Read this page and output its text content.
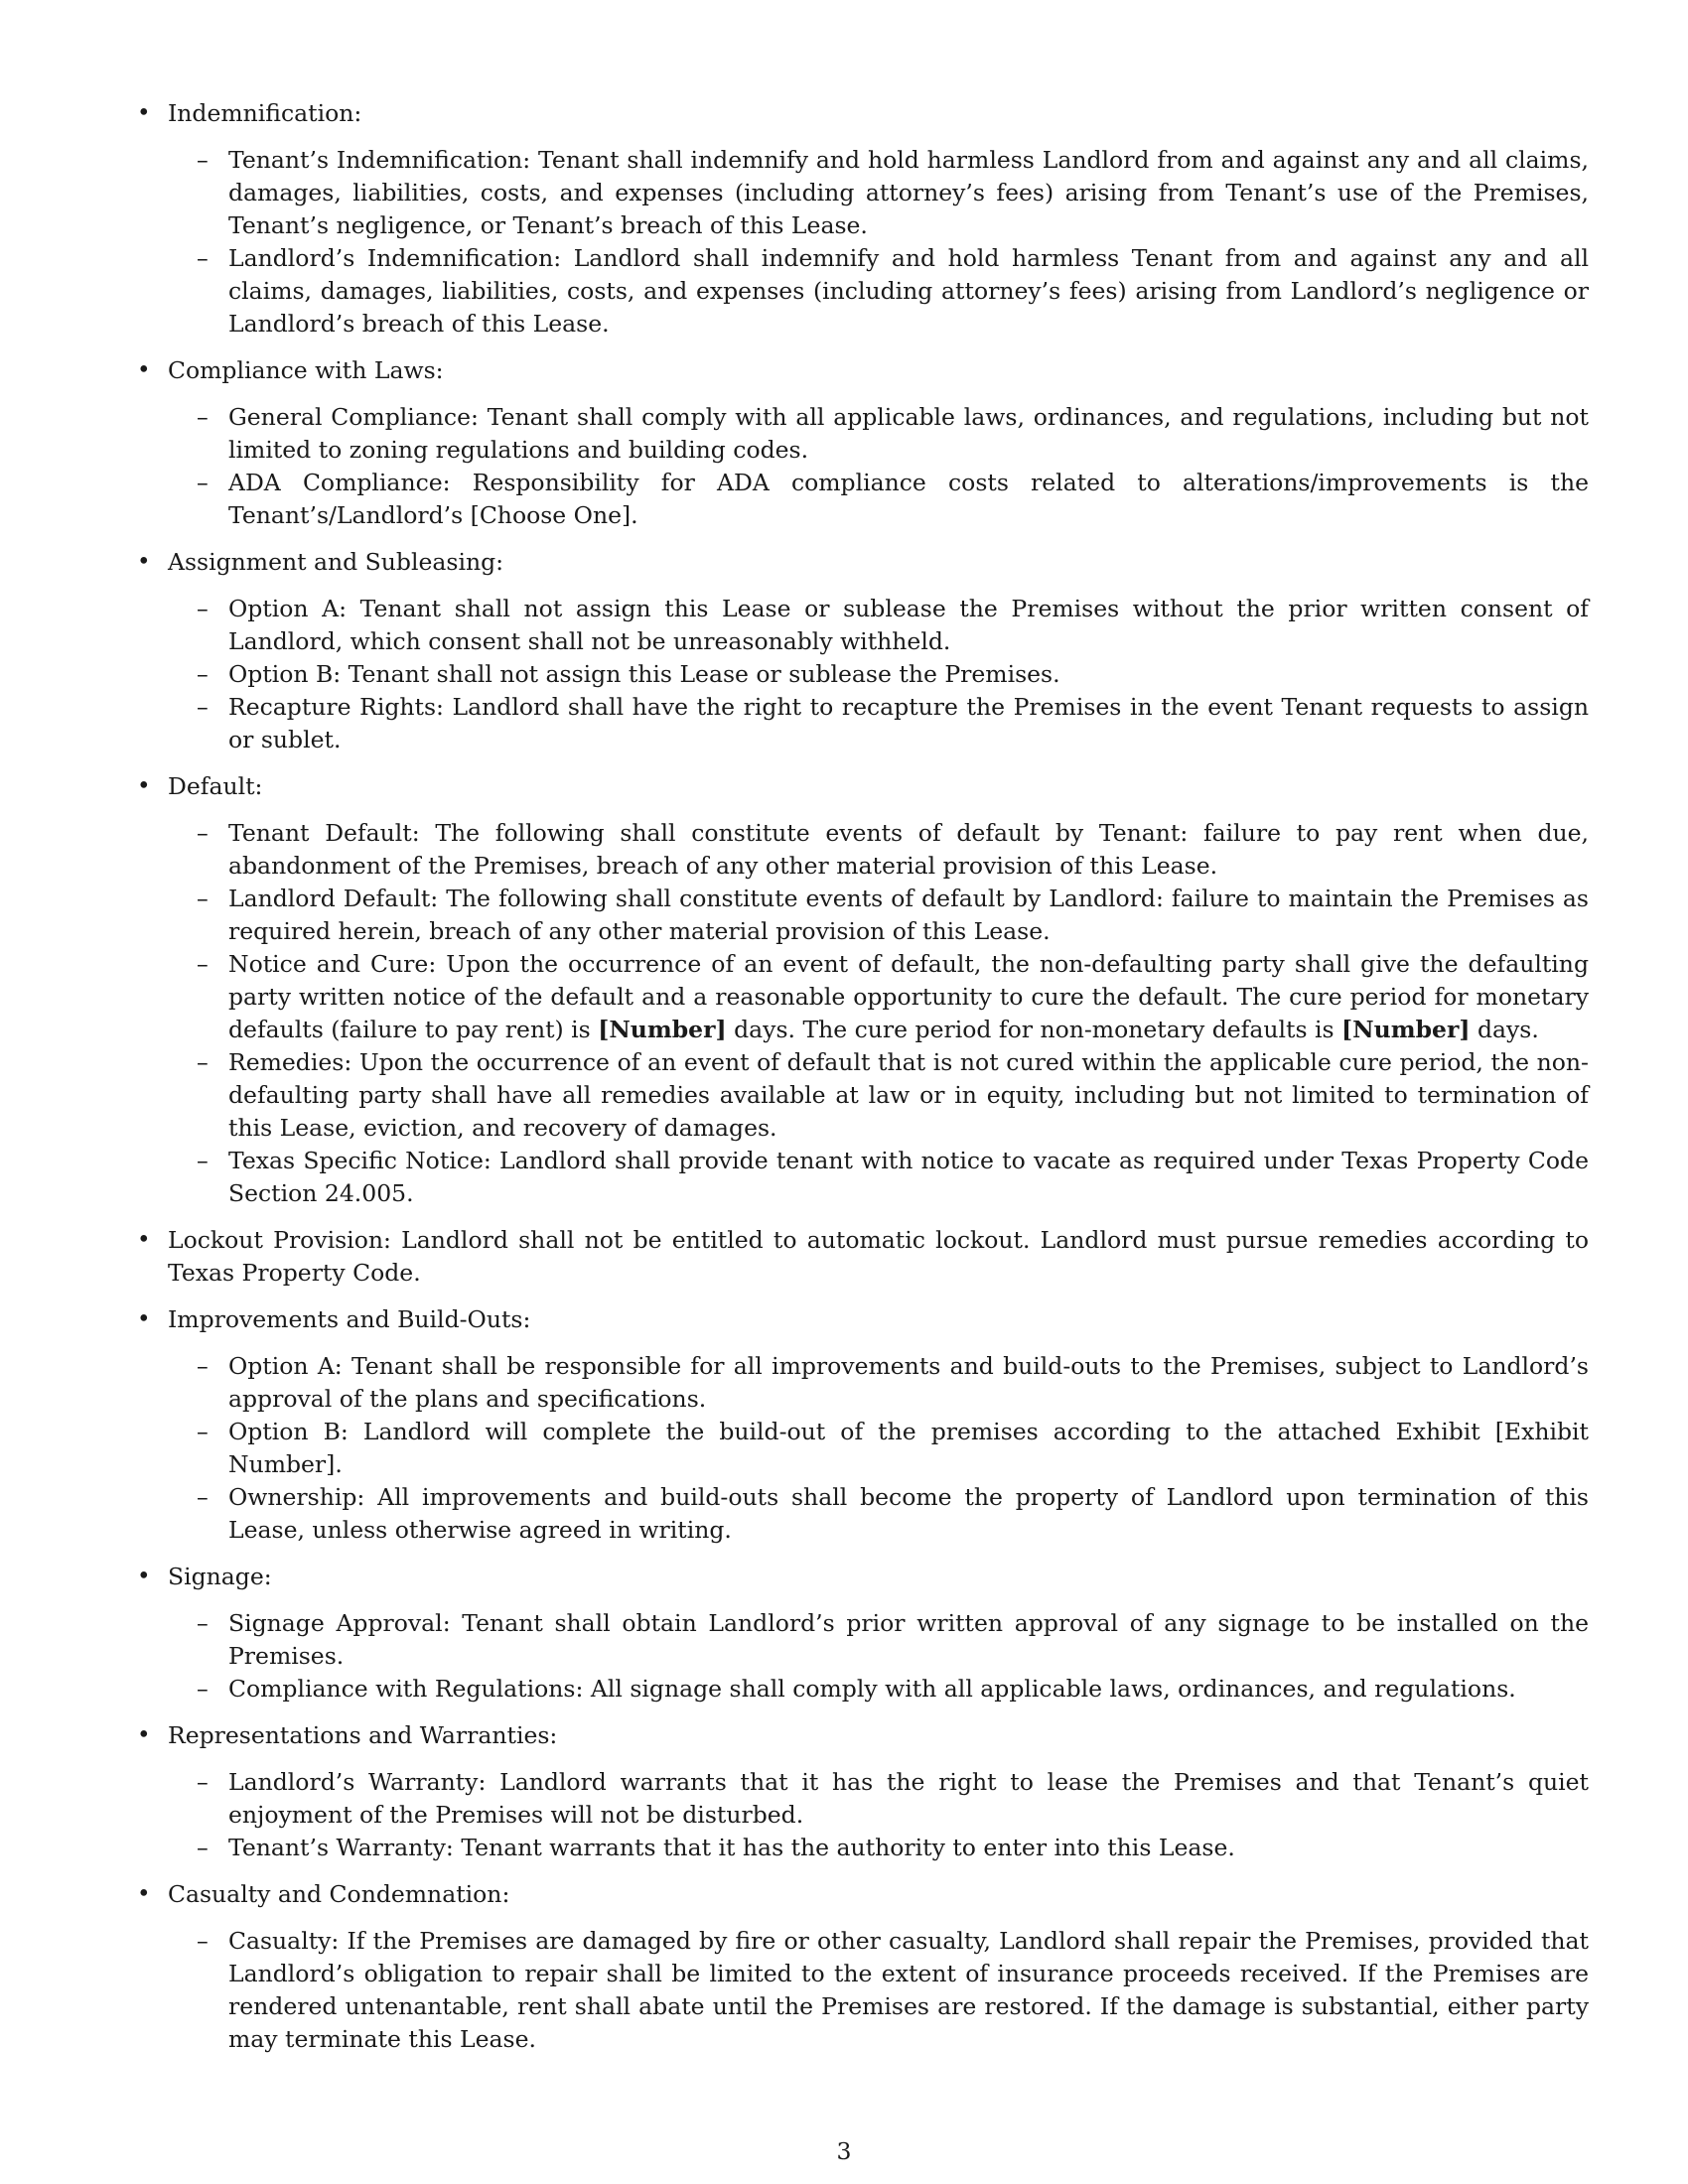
• Indemnification:
– Tenant’s Indemnification: Tenant shall indemnify and hold harmless Landlord from and against any and all claims, damages, liabilities, costs, and expenses (including attorney’s fees) arising from Tenant’s use of the Premises, Tenant’s negligence, or Tenant’s breach of this Lease.
– Landlord’s Indemnification: Landlord shall indemnify and hold harmless Tenant from and against any and all claims, damages, liabilities, costs, and expenses (including attorney’s fees) arising from Landlord’s negligence or Landlord’s breach of this Lease.
• Compliance with Laws:
– General Compliance: Tenant shall comply with all applicable laws, ordinances, and regulations, including but not limited to zoning regulations and building codes.
– ADA Compliance: Responsibility for ADA compliance costs related to alterations/improvements is the Tenant’s/Landlord’s [Choose One].
• Assignment and Subleasing:
– Option A: Tenant shall not assign this Lease or sublease the Premises without the prior written consent of Landlord, which consent shall not be unreasonably withheld.
– Option B: Tenant shall not assign this Lease or sublease the Premises.
– Recapture Rights: Landlord shall have the right to recapture the Premises in the event Tenant requests to assign or sublet.
• Default:
– Tenant Default: The following shall constitute events of default by Tenant: failure to pay rent when due, abandonment of the Premises, breach of any other material provision of this Lease.
– Landlord Default: The following shall constitute events of default by Landlord: failure to maintain the Premises as required herein, breach of any other material provision of this Lease.
– Notice and Cure: Upon the occurrence of an event of default, the non-defaulting party shall give the defaulting party written notice of the default and a reasonable opportunity to cure the default. The cure period for monetary defaults (failure to pay rent) is [Number] days. The cure period for non-monetary defaults is [Number] days.
– Remedies: Upon the occurrence of an event of default that is not cured within the applicable cure period, the non-defaulting party shall have all remedies available at law or in equity, including but not limited to termination of this Lease, eviction, and recovery of damages.
– Texas Specific Notice: Landlord shall provide tenant with notice to vacate as required under Texas Property Code Section 24.005.
• Lockout Provision: Landlord shall not be entitled to automatic lockout. Landlord must pursue remedies according to Texas Property Code.
• Improvements and Build-Outs:
– Option A: Tenant shall be responsible for all improvements and build-outs to the Premises, subject to Landlord’s approval of the plans and specifications.
– Option B: Landlord will complete the build-out of the premises according to the attached Exhibit [Exhibit Number].
– Ownership: All improvements and build-outs shall become the property of Landlord upon termination of this Lease, unless otherwise agreed in writing.
• Signage:
– Signage Approval: Tenant shall obtain Landlord’s prior written approval of any signage to be installed on the Premises.
– Compliance with Regulations: All signage shall comply with all applicable laws, ordinances, and regulations.
• Representations and Warranties:
– Landlord’s Warranty: Landlord warrants that it has the right to lease the Premises and that Tenant’s quiet enjoyment of the Premises will not be disturbed.
– Tenant’s Warranty: Tenant warrants that it has the authority to enter into this Lease.
• Casualty and Condemnation:
– Casualty: If the Premises are damaged by fire or other casualty, Landlord shall repair the Premises, provided that Landlord’s obligation to repair shall be limited to the extent of insurance proceeds received. If the Premises are rendered untenantable, rent shall abate until the Premises are restored. If the damage is substantial, either party may terminate this Lease.
3
